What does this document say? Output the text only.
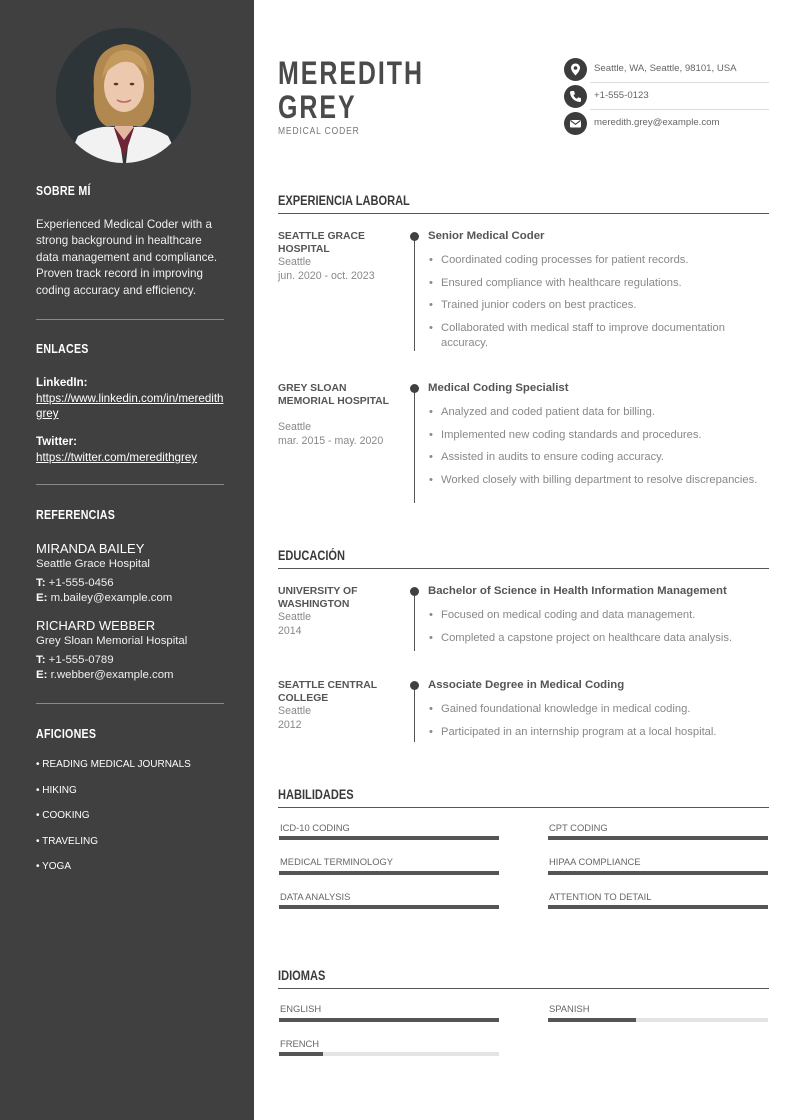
SOBRE MÍ

Experienced Medical Coder with a strong background in healthcare data management and compliance. Proven track record in improving coding accuracy and efficiency.

ENLACES
LinkedIn:
https://www.linkedin.com/in/meredithgrey
Twitter:
https://twitter.com/meredithgrey
REFERENCIAS
MIRANDA BAILEY
Seattle Grace Hospital
T: +1-555-0456
E: m.bailey@example.com
RICHARD WEBBER
Grey Sloan Memorial Hospital
T: +1-555-0789
E: r.webber@example.com
AFICIONES
• READING MEDICAL JOURNALS
• HIKING
• COOKING
• TRAVELING
• YOGA
MEREDITH
GREY
MEDICAL CODER
Seattle, WA, Seattle, 98101, USA
+1-555-0123
meredith.grey@example.com
EXPERIENCIA LABORAL
SEATTLE GRACE HOSPITAL
Seattle
jun. 2020 - oct. 2023
Senior Medical Coder
• Coordinated coding processes for patient records.
• Ensured compliance with healthcare regulations.
• Trained junior coders on best practices.
• Collaborated with medical staff to improve documentation accuracy.
GREY SLOAN MEMORIAL HOSPITAL
Seattle
mar. 2015 - may. 2020
Medical Coding Specialist
• Analyzed and coded patient data for billing.
• Implemented new coding standards and procedures.
• Assisted in audits to ensure coding accuracy.
• Worked closely with billing department to resolve discrepancies.
EDUCACIÓN
UNIVERSITY OF WASHINGTON
Seattle
2014
Bachelor of Science in Health Information Management
• Focused on medical coding and data management.
• Completed a capstone project on healthcare data analysis.
SEATTLE CENTRAL COLLEGE
Seattle
2012
Associate Degree in Medical Coding
• Gained foundational knowledge in medical coding.
• Participated in an internship program at a local hospital.
HABILIDADES
ICD-10 CODING	CPT CODING
MEDICAL TERMINOLOGY	HIPAA COMPLIANCE
DATA ANALYSIS	ATTENTION TO DETAIL
IDIOMAS
ENGLISH	SPANISH
FRENCH
